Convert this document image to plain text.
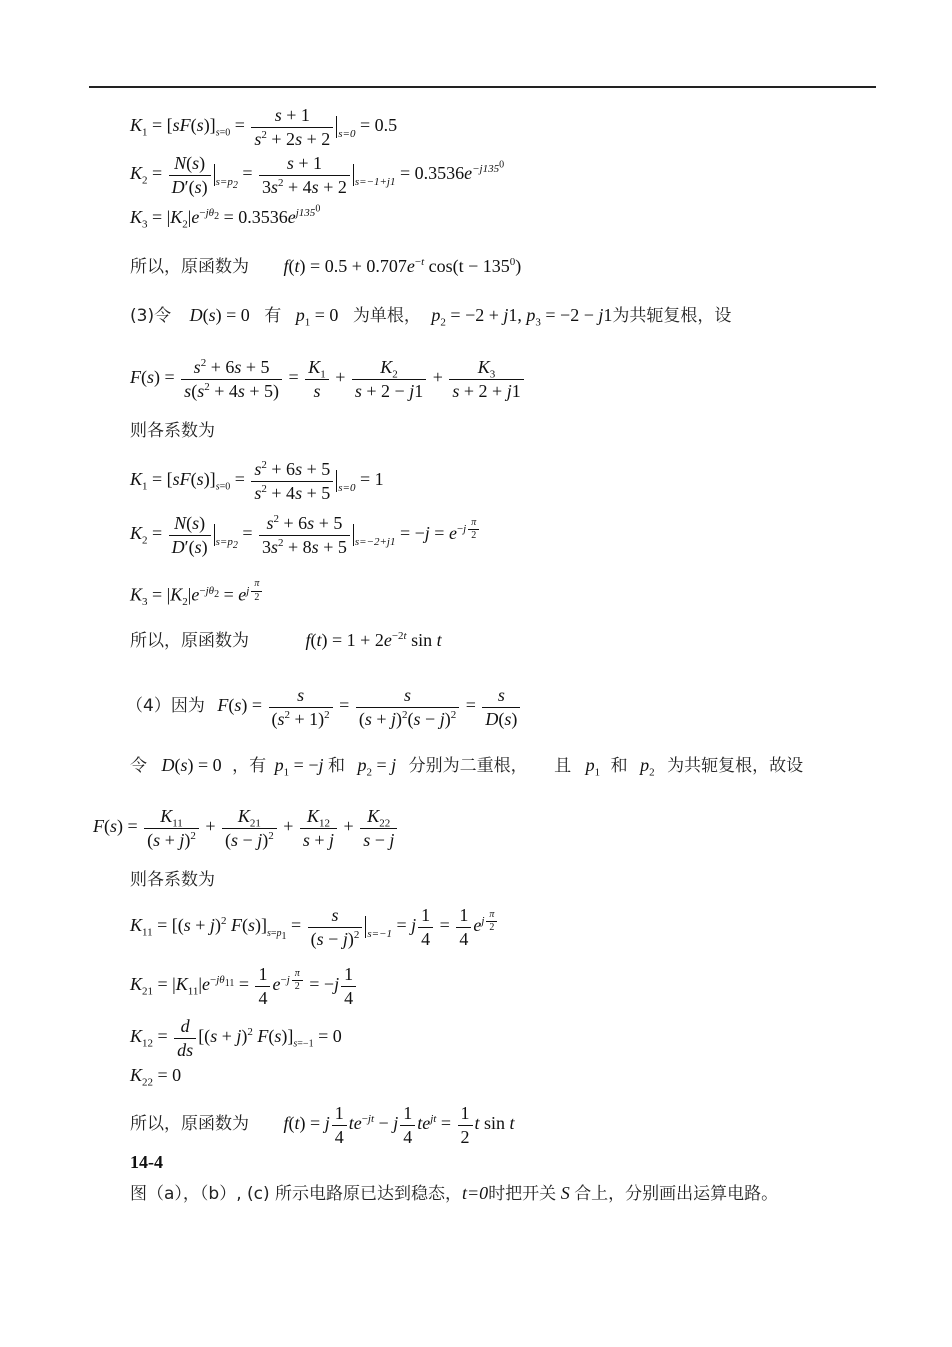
$K_1 = [sF(s)]_{s=0} = \frac{s + 1}{s^2 + 2s + 2} _{s=0} = 0.5$
$K_2 = \frac{N(s)}{D'(s)} _{s=p_2} = \frac{s + 1}{3s^2 + 4s + 2} _{s=-1+j1} = 0.3536e^{-j135^0}$
$K_3 = |K_2|e^{-j\theta_2} = 0.3536e^{j135^0}$
所以，原函数为 $f(t) = 0.5 + 0.707e^{-t}$ $\cos(t - 135^0)$
(3)令 D(s) = 0 有 $p_1 = 0$ 为单根， $p_2 = -2 + j1$, $p_3 = -2 - j1$为共轭复根，设
$F(s) = \frac{s^2 + 6s + 5}{s(s^2 + 4s + 5)} = \frac{K_1}{s} + \frac{K_2}{s + 2 - j1} + \frac{K_3}{s + 2 + j1}$
则各系数为
$K_1 = [sF(s)]_{s=0} = \frac{s^2 + 6s + 5}{s^2 + 4s + 5} _{s=0} = 1$
$K_2 = \frac{N(s)}{D'(s)} _{s=p_2} = \frac{s^2 + 6s + 5}{3s^2 + 8s + 5} _{s=-2+j1} = -j = e^{-j \frac{\pi}{2}}$
$K_3 = |K_2|e^{-j\theta_2} = e^{j \frac{\pi}{2}}$
所以，原函数为	$f(t) = 1 + 2e^{-2t}$ sin t
（4）因为 $F(s) = \frac{s}{(s^2 + 1)^2} = \frac{s}{(s + j)^2(s - j)^2} = \frac{s}{D(s)}$
令 D(s) = 0 ，有 $p_1 = -j$ 和 $p_2 = j$ 分别为二重根， 且 $p_1$ 和 $p_2$ 为共轭复根，故设
$F(s) = \frac{K_{11}}{(s + j)^2} + \frac{K_{21}}{(s - j)^2} + \frac{K_{12}}{s + j} + \frac{K_{22}}{s - j}$
则各系数为
$K_{11} = [(s + j)^2$ $F(s)]_{s=p_1} = \frac{s}{(s - j)^2} _{s=-1} = j \frac{1}{4} = \frac{1}{4} e^{j \frac{\pi}{2}}$
$K_{21} = |K_{11}|e^{-j\theta_{11}} = \frac{1}{4} e^{-j \frac{\pi}{2}} = -j \frac{1}{4}$
$K_{12} = \frac{d}{ds} [(s + j)^2$ $F(s)]_{s=-1} = 0$
$K_{22} = 0$
所以，原函数为 f(t) = j $\frac{1}{4} te^{-jt} - j \frac{1}{4} te^{jt} = \frac{1}{2}$ t sin t
14-4
图（a），（b）, (c) 所示电路原已达到稳态，t=0时把开关 S 合上，分别画出运算电路。
